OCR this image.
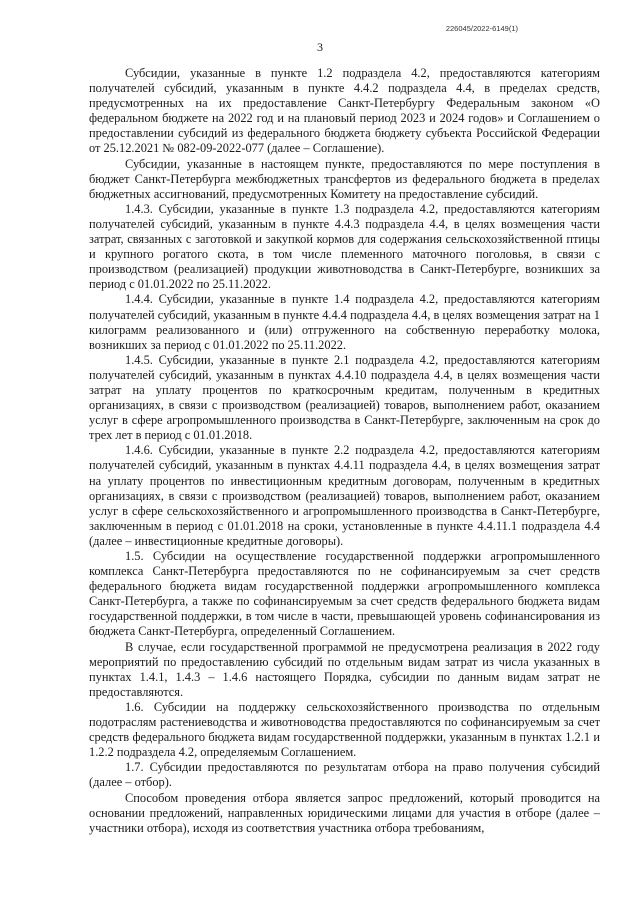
226045/2022-6149(1)
3

Субсидии, указанные в пункте 1.2 подраздела 4.2, предоставляются категориям получателей субсидий, указанным в пункте 4.4.2 подраздела 4.4, в пределах средств, предусмотренных на их предоставление Санкт-Петербургу Федеральным законом «О федеральном бюджете на 2022 год и на плановый период 2023 и 2024 годов» и Соглашением о предоставлении субсидий из федерального бюджета бюджету субъекта Российской Федерации от 25.12.2021 № 082-09-2022-077 (далее – Соглашение).

Субсидии, указанные в настоящем пункте, предоставляются по мере поступления в бюджет Санкт-Петербурга межбюджетных трансфертов из федерального бюджета в пределах бюджетных ассигнований, предусмотренных Комитету на предоставление субсидий.

1.4.3. Субсидии, указанные в пункте 1.3 подраздела 4.2, предоставляются категориям получателей субсидий, указанным в пункте 4.4.3 подраздела 4.4, в целях возмещения части затрат, связанных с заготовкой и закупкой кормов для содержания сельскохозяйственной птицы и крупного рогатого скота, в том числе племенного маточного поголовья, в связи с производством (реализацией) продукции животноводства в Санкт-Петербурге, возникших за период с 01.01.2022 по 25.11.2022.

1.4.4. Субсидии, указанные в пункте 1.4 подраздела 4.2, предоставляются категориям получателей субсидий, указанным в пункте 4.4.4 подраздела 4.4, в целях возмещения затрат на 1 килограмм реализованного и (или) отгруженного на собственную переработку молока, возникших за период с 01.01.2022 по 25.11.2022.

1.4.5. Субсидии, указанные в пункте 2.1 подраздела 4.2, предоставляются категориям получателей субсидий, указанным в пунктах 4.4.10 подраздела 4.4, в целях возмещения части затрат на уплату процентов по краткосрочным кредитам, полученным в кредитных организациях, в связи с производством (реализацией) товаров, выполнением работ, оказанием услуг в сфере агропромышленного производства в Санкт-Петербурге, заключенным на срок до трех лет в период с 01.01.2018.

1.4.6. Субсидии, указанные в пункте 2.2 подраздела 4.2, предоставляются категориям получателей субсидий, указанным в пунктах 4.4.11 подраздела 4.4, в целях возмещения затрат на уплату процентов по инвестиционным кредитным договорам, полученным в кредитных организациях, в связи с производством (реализацией) товаров, выполнением работ, оказанием услуг в сфере сельскохозяйственного и агропромышленного производства в Санкт-Петербурге, заключенным в период с 01.01.2018 на сроки, установленные в пункте 4.4.11.1 подраздела 4.4 (далее – инвестиционные кредитные договоры).

1.5. Субсидии на осуществление государственной поддержки агропромышленного комплекса Санкт-Петербурга предоставляются по не софинансируемым за счет средств федерального бюджета видам государственной поддержки агропромышленного комплекса Санкт-Петербурга, а также по софинансируемым за счет средств федерального бюджета видам государственной поддержки, в том числе в части, превышающей уровень софинансирования из бюджета Санкт-Петербурга, определенный Соглашением.

В случае, если государственной программой не предусмотрена реализация в 2022 году мероприятий по предоставлению субсидий по отдельным видам затрат из числа указанных в пунктах 1.4.1, 1.4.3 – 1.4.6 настоящего Порядка, субсидии по данным видам затрат не предоставляются.

1.6. Субсидии на поддержку сельскохозяйственного производства по отдельным подотраслям растениеводства и животноводства предоставляются по софинансируемым за счет средств федерального бюджета видам государственной поддержки, указанным в пунктах 1.2.1 и 1.2.2 подраздела 4.2, определяемым Соглашением.

1.7. Субсидии предоставляются по результатам отбора на право получения субсидий (далее – отбор).

Способом проведения отбора является запрос предложений, который проводится на основании предложений, направленных юридическими лицами для участия в отборе (далее – участники отбора), исходя из соответствия участника отбора требованиям,
